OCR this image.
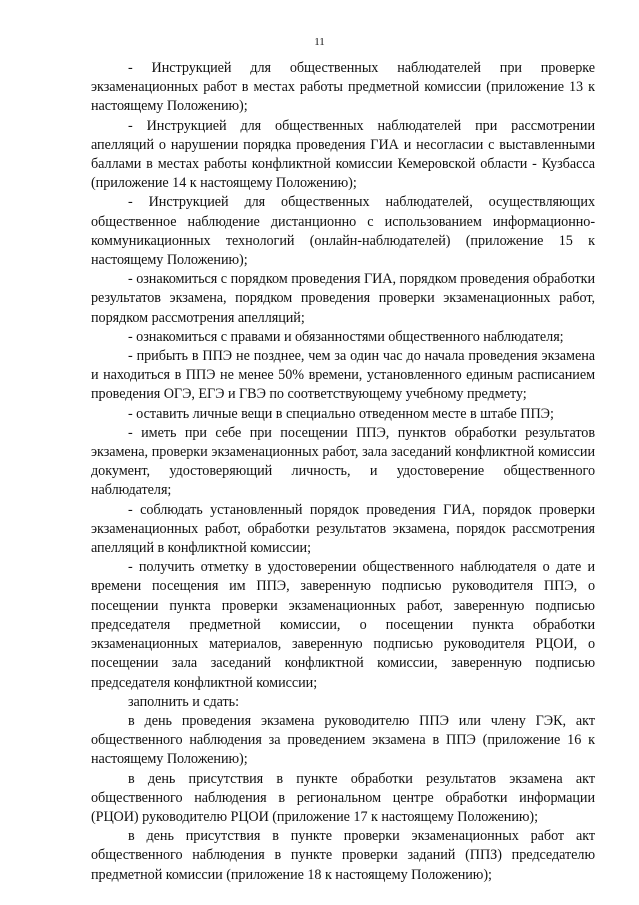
11

- Инструкцией для общественных наблюдателей при проверке экзаменационных работ в местах работы предметной комиссии (приложение 13 к настоящему Положению);

- Инструкцией для общественных наблюдателей при рассмотрении апелляций о нарушении порядка проведения ГИА и несогласии с выставленными баллами в местах работы конфликтной комиссии Кемеровской области - Кузбасса (приложение 14 к настоящему Положению);

- Инструкцией для общественных наблюдателей, осуществляющих общественное наблюдение дистанционно с использованием информационно-коммуникационных технологий (онлайн-наблюдателей) (приложение 15 к настоящему Положению);

- ознакомиться с порядком проведения ГИА, порядком проведения обработки результатов экзамена, порядком проведения проверки экзаменационных работ, порядком рассмотрения апелляций;

- ознакомиться с правами и обязанностями общественного наблюдателя;

- прибыть в ППЭ не позднее, чем за один час до начала проведения экзамена и находиться в ППЭ не менее 50% времени, установленного единым расписанием проведения ОГЭ, ЕГЭ и ГВЭ по соответствующему учебному предмету;

- оставить личные вещи в специально отведенном месте в штабе ППЭ;

- иметь при себе при посещении ППЭ, пунктов обработки результатов экзамена, проверки экзаменационных работ, зала заседаний конфликтной комиссии документ, удостоверяющий личность, и удостоверение общественного наблюдателя;

- соблюдать установленный порядок проведения ГИА, порядок проверки экзаменационных работ, обработки результатов экзамена, порядок рассмотрения апелляций в конфликтной комиссии;

- получить отметку в удостоверении общественного наблюдателя о дате и времени посещения им ППЭ, заверенную подписью руководителя ППЭ, о посещении пункта проверки экзаменационных работ, заверенную подписью председателя предметной комиссии, о посещении пункта обработки экзаменационных материалов, заверенную подписью руководителя РЦОИ, о посещении зала заседаний конфликтной комиссии, заверенную подписью председателя конфликтной комиссии;

заполнить и сдать:

в день проведения экзамена руководителю ППЭ или члену ГЭК, акт общественного наблюдения за проведением экзамена в ППЭ (приложение 16 к настоящему Положению);

в день присутствия в пункте обработки результатов экзамена акт общественного наблюдения в региональном центре обработки информации (РЦОИ) руководителю РЦОИ (приложение 17 к настоящему Положению);

в день присутствия в пункте проверки экзаменационных работ акт общественного наблюдения в пункте проверки заданий (ППЗ) председателю предметной комиссии (приложение 18 к настоящему Положению);
